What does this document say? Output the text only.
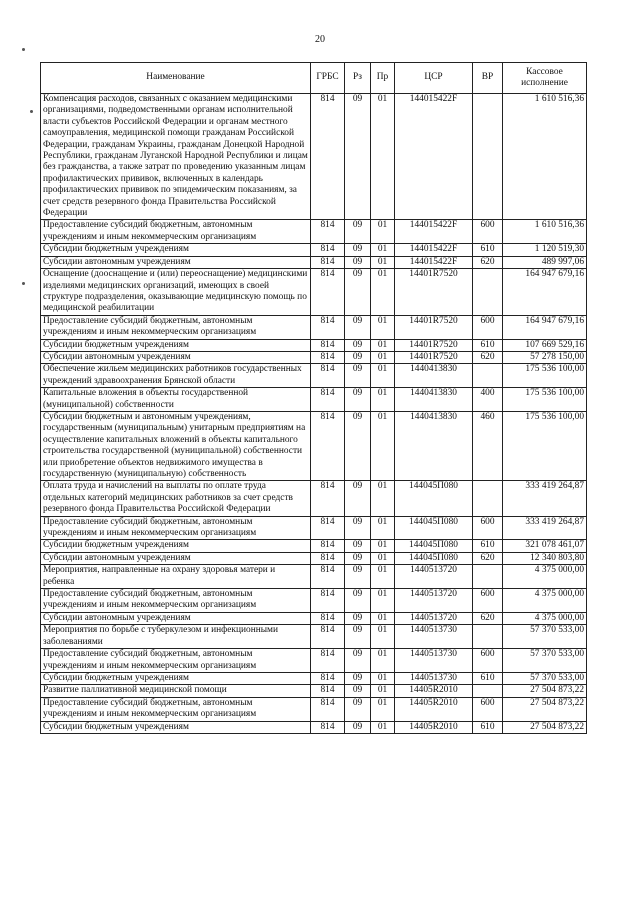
20
Наименование	ГРБС	Рз	Пр	ЦСР	ВР	Кассовое исполнение
Компенсация расходов, связанных с оказанием медицинскими организациями, подведомственными органам исполнительной власти субъектов Российской Федерации и органам местного самоуправления, медицинской помощи гражданам Российской Федерации, гражданам Украины, гражданам Донецкой Народной Республики, гражданам Луганской Народной Республики и лицам без гражданства, а также затрат по проведению указанным лицам профилактических прививок, включенных в календарь профилактических прививок по эпидемическим показаниям, за счет средств резервного фонда Правительства Российской Федерации	814	09	01	144015422F		1 610 516,36
Предоставление субсидий бюджетным, автономным учреждениям и иным некоммерческим организациям	814	09	01	144015422F	600	1 610 516,36
Субсидии бюджетным учреждениям	814	09	01	144015422F	610	1 120 519,30
Субсидии автономным учреждениям	814	09	01	144015422F	620	489 997,06
Оснащение (дооснащение и (или) переоснащение) медицинскими изделиями медицинских организаций, имеющих в своей структуре подразделения, оказывающие медицинскую помощь по медицинской реабилитации	814	09	01	14401R7520		164 947 679,16
Предоставление субсидий бюджетным, автономным учреждениям и иным некоммерческим организациям	814	09	01	14401R7520	600	164 947 679,16
Субсидии бюджетным учреждениям	814	09	01	14401R7520	610	107 669 529,16
Субсидии автономным учреждениям	814	09	01	14401R7520	620	57 278 150,00
Обеспечение жильем медицинских работников государственных учреждений здравоохранения Брянской области	814	09	01	1440413830		175 536 100,00
Капитальные вложения в объекты государственной (муниципальной) собственности	814	09	01	1440413830	400	175 536 100,00
Субсидии бюджетным и автономным учреждениям, государственным (муниципальным) унитарным предприятиям на осуществление капитальных вложений в объекты капитального строительства государственной (муниципальной) собственности или приобретение объектов недвижимого имущества в государственную (муниципальную) собственность	814	09	01	1440413830	460	175 536 100,00
Оплата труда и начислений на выплаты по оплате труда отдельных категорий медицинских работников за счет средств резервного фонда Правительства Российской Федерации	814	09	01	144045П080		333 419 264,87
Предоставление субсидий бюджетным, автономным учреждениям и иным некоммерческим организациям	814	09	01	144045П080	600	333 419 264,87
Субсидии бюджетным учреждениям	814	09	01	144045П080	610	321 078 461,07
Субсидии автономным учреждениям	814	09	01	144045П080	620	12 340 803,80
Мероприятия, направленные на охрану здоровья матери и ребенка	814	09	01	1440513720		4 375 000,00
Предоставление субсидий бюджетным, автономным учреждениям и иным некоммерческим организациям	814	09	01	1440513720	600	4 375 000,00
Субсидии автономным учреждениям	814	09	01	1440513720	620	4 375 000,00
Мероприятия по борьбе с туберкулезом и инфекционными заболеваниями	814	09	01	1440513730		57 370 533,00
Предоставление субсидий бюджетным, автономным учреждениям и иным некоммерческим организациям	814	09	01	1440513730	600	57 370 533,00
Субсидии бюджетным учреждениям	814	09	01	1440513730	610	57 370 533,00
Развитие паллиативной медицинской помощи	814	09	01	14405R2010		27 504 873,22
Предоставление субсидий бюджетным, автономным учреждениям и иным некоммерческим организациям	814	09	01	14405R2010	600	27 504 873,22
Субсидии бюджетным учреждениям	814	09	01	14405R2010	610	27 504 873,22
